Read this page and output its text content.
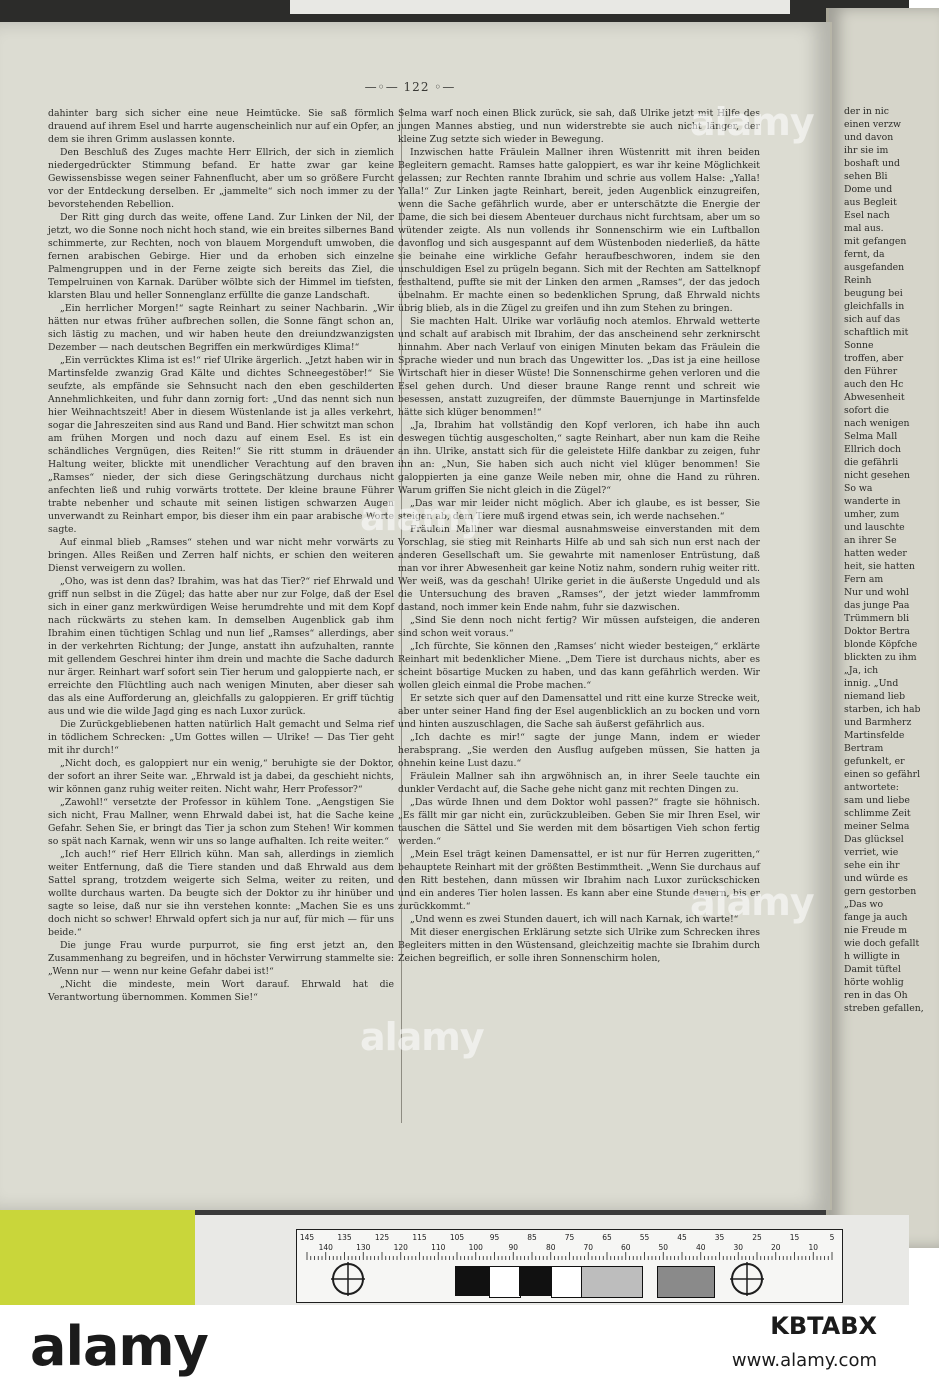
der in nic
einen verzw
und davon
ihr sie im
boshaft und
sehen Bli
Dome und
aus Begleit
Esel nach
mal aus.
mit gefangen
fernt, da
ausgefanden
Reinh
beugung bei
gleichfalls in
sich auf das
schaftlich mit
Sonne
troffen, aber
den Führer
auch den Hc
Abwesenheit
sofort die
nach wenigen
Selma Mall
Ellrich doch
die gefährli
nicht gesehen
So wa
wanderte in
umher, zum
und lauschte
an ihrer Se
hatten weder
heit, sie hatten
Fern am
Nur und wohl
das junge Paa
Trümmern bli
Doktor Bertra
blonde Köpfche
blickten zu ihm
„Ja, ich
innig. „Und
niemand lieb
starben, ich hab
und Barmherz
Martinsfelde
Bertram
gefunkelt, er
einen so gefährl
antwortete:
sam und liebe
schlimme Zeit
meiner Selma
Das glücksel
verriet, wie
sehe ein ihr
und würde es
gern gestorben
„Das wo
fange ja auch
nie Freude m
wie doch gefallt
h willigte in
Damit tüftel
hörte wohlig
ren in das Oh
streben gefallen,
—◦— 122 ◦—

dahinter barg sich sicher eine neue Heimtücke. Sie saß förmlich drauend auf ihrem Esel und harrte augenscheinlich nur auf ein Opfer, an dem sie ihren Grimm auslassen konnte.

Den Beschluß des Zuges machte Herr Ellrich, der sich in ziemlich niedergedrückter Stimmung befand. Er hatte zwar gar keine Gewissensbisse wegen seiner Fahnenflucht, aber um so größere Furcht vor der Entdeckung derselben. Er „jammelte“ sich noch immer zu der bevorstehenden Rebellion.

Der Ritt ging durch das weite, offene Land. Zur Linken der Nil, der jetzt, wo die Sonne noch nicht hoch stand, wie ein breites silbernes Band schimmerte, zur Rechten, noch von blauem Morgenduft umwoben, die fernen arabischen Gebirge. Hier und da erhoben sich einzelne Palmengruppen und in der Ferne zeigte sich bereits das Ziel, die Tempelruinen von Karnak. Darüber wölbte sich der Himmel im tiefsten, klarsten Blau und heller Sonnenglanz erfüllte die ganze Landschaft.

„Ein herrlicher Morgen!“ sagte Reinhart zu seiner Nachbarin. „Wir hätten nur etwas früher aufbrechen sollen, die Sonne fängt schon an, sich lästig zu machen, und wir haben heute den dreiundzwanzigsten Dezember — nach deutschen Begriffen ein merkwürdiges Klima!“

„Ein verrücktes Klima ist es!“ rief Ulrike ärgerlich. „Jetzt haben wir in Martinsfelde zwanzig Grad Kälte und dichtes Schneegestöber!“ Sie seufzte, als empfände sie Sehnsucht nach den eben geschilderten Annehmlichkeiten, und fuhr dann zornig fort: „Und das nennt sich nun hier Weihnachtszeit! Aber in diesem Wüstenlande ist ja alles verkehrt, sogar die Jahreszeiten sind aus Rand und Band. Hier schwitzt man schon am frühen Morgen und noch dazu auf einem Esel. Es ist ein schändliches Vergnügen, dies Reiten!“ Sie ritt stumm in dräuender Haltung weiter, blickte mit unendlicher Verachtung auf den braven „Ramses“ nieder, der sich diese Geringschätzung durchaus nicht anfechten ließ und ruhig vorwärts trottete. Der kleine braune Führer trabte nebenher und schaute mit seinen listigen schwarzen Augen unverwandt zu Reinhart empor, bis dieser ihm ein paar arabische Worte sagte.

Auf einmal blieb „Ramses“ stehen und war nicht mehr vorwärts zu bringen. Alles Reißen und Zerren half nichts, er schien den weiteren Dienst verweigern zu wollen.

„Oho, was ist denn das? Ibrahim, was hat das Tier?“ rief Ehrwald und griff nun selbst in die Zügel; das hatte aber nur zur Folge, daß der Esel sich in einer ganz merkwürdigen Weise herumdrehte und mit dem Kopf nach rückwärts zu stehen kam. In demselben Augenblick gab ihm Ibrahim einen tüchtigen Schlag und nun lief „Ramses“ allerdings, aber in der verkehrten Richtung; der Junge, anstatt ihn aufzuhalten, rannte mit gellendem Geschrei hinter ihm drein und machte die Sache dadurch nur ärger. Reinhart warf sofort sein Tier herum und galoppierte nach, er erreichte den Flüchtling auch nach wenigen Minuten, aber dieser sah das als eine Aufforderung an, gleichfalls zu galoppieren. Er griff tüchtig aus und wie die wilde Jagd ging es nach Luxor zurück.

Die Zurückgebliebenen hatten natürlich Halt gemacht und Selma rief in tödlichem Schrecken: „Um Gottes willen — Ulrike! — Das Tier geht mit ihr durch!“

„Nicht doch, es galoppiert nur ein wenig,“ beruhigte sie der Doktor, der sofort an ihrer Seite war. „Ehrwald ist ja dabei, da geschieht nichts, wir können ganz ruhig weiter reiten. Nicht wahr, Herr Professor?“

„Zawohl!“ versetzte der Professor in kühlem Tone. „Aengstigen Sie sich nicht, Frau Mallner, wenn Ehrwald dabei ist, hat die Sache keine Gefahr. Sehen Sie, er bringt das Tier ja schon zum Stehen! Wir kommen so spät nach Karnak, wenn wir uns so lange aufhalten. Ich reite weiter.“

„Ich auch!“ rief Herr Ellrich kühn. Man sah, allerdings in ziemlich weiter Entfernung, daß die Tiere standen und daß Ehrwald aus dem Sattel sprang, trotzdem weigerte sich Selma, weiter zu reiten, und wollte durchaus warten. Da beugte sich der Doktor zu ihr hinüber und sagte so leise, daß nur sie ihn verstehen konnte: „Machen Sie es uns doch nicht so schwer! Ehrwald opfert sich ja nur auf, für mich — für uns beide.“

Die junge Frau wurde purpurrot, sie fing erst jetzt an, den Zusammenhang zu begreifen, und in höchster Verwirrung stammelte sie: „Wenn nur — wenn nur keine Gefahr dabei ist!“

„Nicht die mindeste, mein Wort darauf. Ehrwald hat die Verantwortung übernommen. Kommen Sie!“

Selma warf noch einen Blick zurück, sie sah, daß Ulrike jetzt mit Hilfe des jungen Mannes abstieg, und nun widerstrebte sie auch nicht länger, der kleine Zug setzte sich wieder in Bewegung.

Inzwischen hatte Fräulein Mallner ihren Wüstenritt mit ihren beiden Begleitern gemacht. Ramses hatte galoppiert, es war ihr keine Möglichkeit gelassen; zur Rechten rannte Ibrahim und schrie aus vollem Halse: „Yalla! Yalla!“ Zur Linken jagte Reinhart, bereit, jeden Augenblick einzugreifen, wenn die Sache gefährlich wurde, aber er unterschätzte die Energie der Dame, die sich bei diesem Abenteuer durchaus nicht furchtsam, aber um so wütender zeigte. Als nun vollends ihr Sonnenschirm wie ein Luftballon davonflog und sich ausgespannt auf dem Wüstenboden niederließ, da hätte sie beinahe eine wirkliche Gefahr heraufbeschworen, indem sie den unschuldigen Esel zu prügeln begann. Sich mit der Rechten am Sattelknopf festhaltend, puffte sie mit der Linken den armen „Ramses“, der das jedoch übelnahm. Er machte einen so bedenklichen Sprung, daß Ehrwald nichts übrig blieb, als in die Zügel zu greifen und ihn zum Stehen zu bringen.

Sie machten Halt. Ulrike war vorläufig noch atemlos. Ehrwald wetterte und schalt auf arabisch mit Ibrahim, der das anscheinend sehr zerknirscht hinnahm. Aber nach Verlauf von einigen Minuten bekam das Fräulein die Sprache wieder und nun brach das Ungewitter los. „Das ist ja eine heillose Wirtschaft hier in dieser Wüste! Die Sonnenschirme gehen verloren und die Esel gehen durch. Und dieser braune Range rennt und schreit wie besessen, anstatt zuzugreifen, der dümmste Bauernjunge in Martinsfelde hätte sich klüger benommen!“

„Ja, Ibrahim hat vollständig den Kopf verloren, ich habe ihn auch deswegen tüchtig ausgescholten,“ sagte Reinhart, aber nun kam die Reihe an ihn. Ulrike, anstatt sich für die geleistete Hilfe dankbar zu zeigen, fuhr ihn an: „Nun, Sie haben sich auch nicht viel klüger benommen! Sie galoppierten ja eine ganze Weile neben mir, ohne die Hand zu rühren. Warum griffen Sie nicht gleich in die Zügel?“

„Das war mir leider nicht möglich. Aber ich glaube, es ist besser, Sie steigen ab, dem Tiere muß irgend etwas sein, ich werde nachsehen.“

Fräulein Mallner war diesmal ausnahmsweise einverstanden mit dem Vorschlag, sie stieg mit Reinharts Hilfe ab und sah sich nun erst nach der anderen Gesellschaft um. Sie gewahrte mit namenloser Entrüstung, daß man vor ihrer Abwesenheit gar keine Notiz nahm, sondern ruhig weiter ritt. Wer weiß, was da geschah! Ulrike geriet in die äußerste Ungeduld und als die Untersuchung des braven „Ramses“, der jetzt wieder lammfromm dastand, noch immer kein Ende nahm, fuhr sie dazwischen.

„Sind Sie denn noch nicht fertig? Wir müssen aufsteigen, die anderen sind schon weit voraus.“

„Ich fürchte, Sie können den ‚Ramses‘ nicht wieder besteigen,“ erklärte Reinhart mit bedenklicher Miene. „Dem Tiere ist durchaus nichts, aber es scheint bösartige Mucken zu haben, und das kann gefährlich werden. Wir wollen gleich einmal die Probe machen.“

Er setzte sich quer auf den Damensattel und ritt eine kurze Strecke weit, aber unter seiner Hand fing der Esel augenblicklich an zu bocken und vorn und hinten auszuschlagen, die Sache sah äußerst gefährlich aus.

„Ich dachte es mir!“ sagte der junge Mann, indem er wieder herabsprang. „Sie werden den Ausflug aufgeben müssen, Sie hatten ja ohnehin keine Lust dazu.“

Fräulein Mallner sah ihn argwöhnisch an, in ihrer Seele tauchte ein dunkler Verdacht auf, die Sache gehe nicht ganz mit rechten Dingen zu.

„Das würde Ihnen und dem Doktor wohl passen?“ fragte sie höhnisch. „Es fällt mir gar nicht ein, zurückzubleiben. Geben Sie mir Ihren Esel, wir tauschen die Sättel und Sie werden mit dem bösartigen Vieh schon fertig werden.“

„Mein Esel trägt keinen Damensattel, er ist nur für Herren zugeritten,“ behauptete Reinhart mit der größten Bestimmtheit. „Wenn Sie durchaus auf den Ritt bestehen, dann müssen wir Ibrahim nach Luxor zurückschicken und ein anderes Tier holen lassen. Es kann aber eine Stunde dauern, bis er zurückkommt.“

„Und wenn es zwei Stunden dauert, ich will nach Karnak, ich warte!“

Mit dieser energischen Erklärung setzte sich Ulrike zum Schrecken ihres Begleiters mitten in den Wüstensand, gleichzeitig machte sie Ibrahim durch Zeichen begreiflich, er solle ihren Sonnenschirm holen,

alamy
alamy
alamy
alamy
145
140
135
130
125
120
115
110
105
100
95
90
85
80
75
70
65
60
55
50
45
40
35
30
25
20
15
10
5
alamy	KBTABX
www.alamy.com
